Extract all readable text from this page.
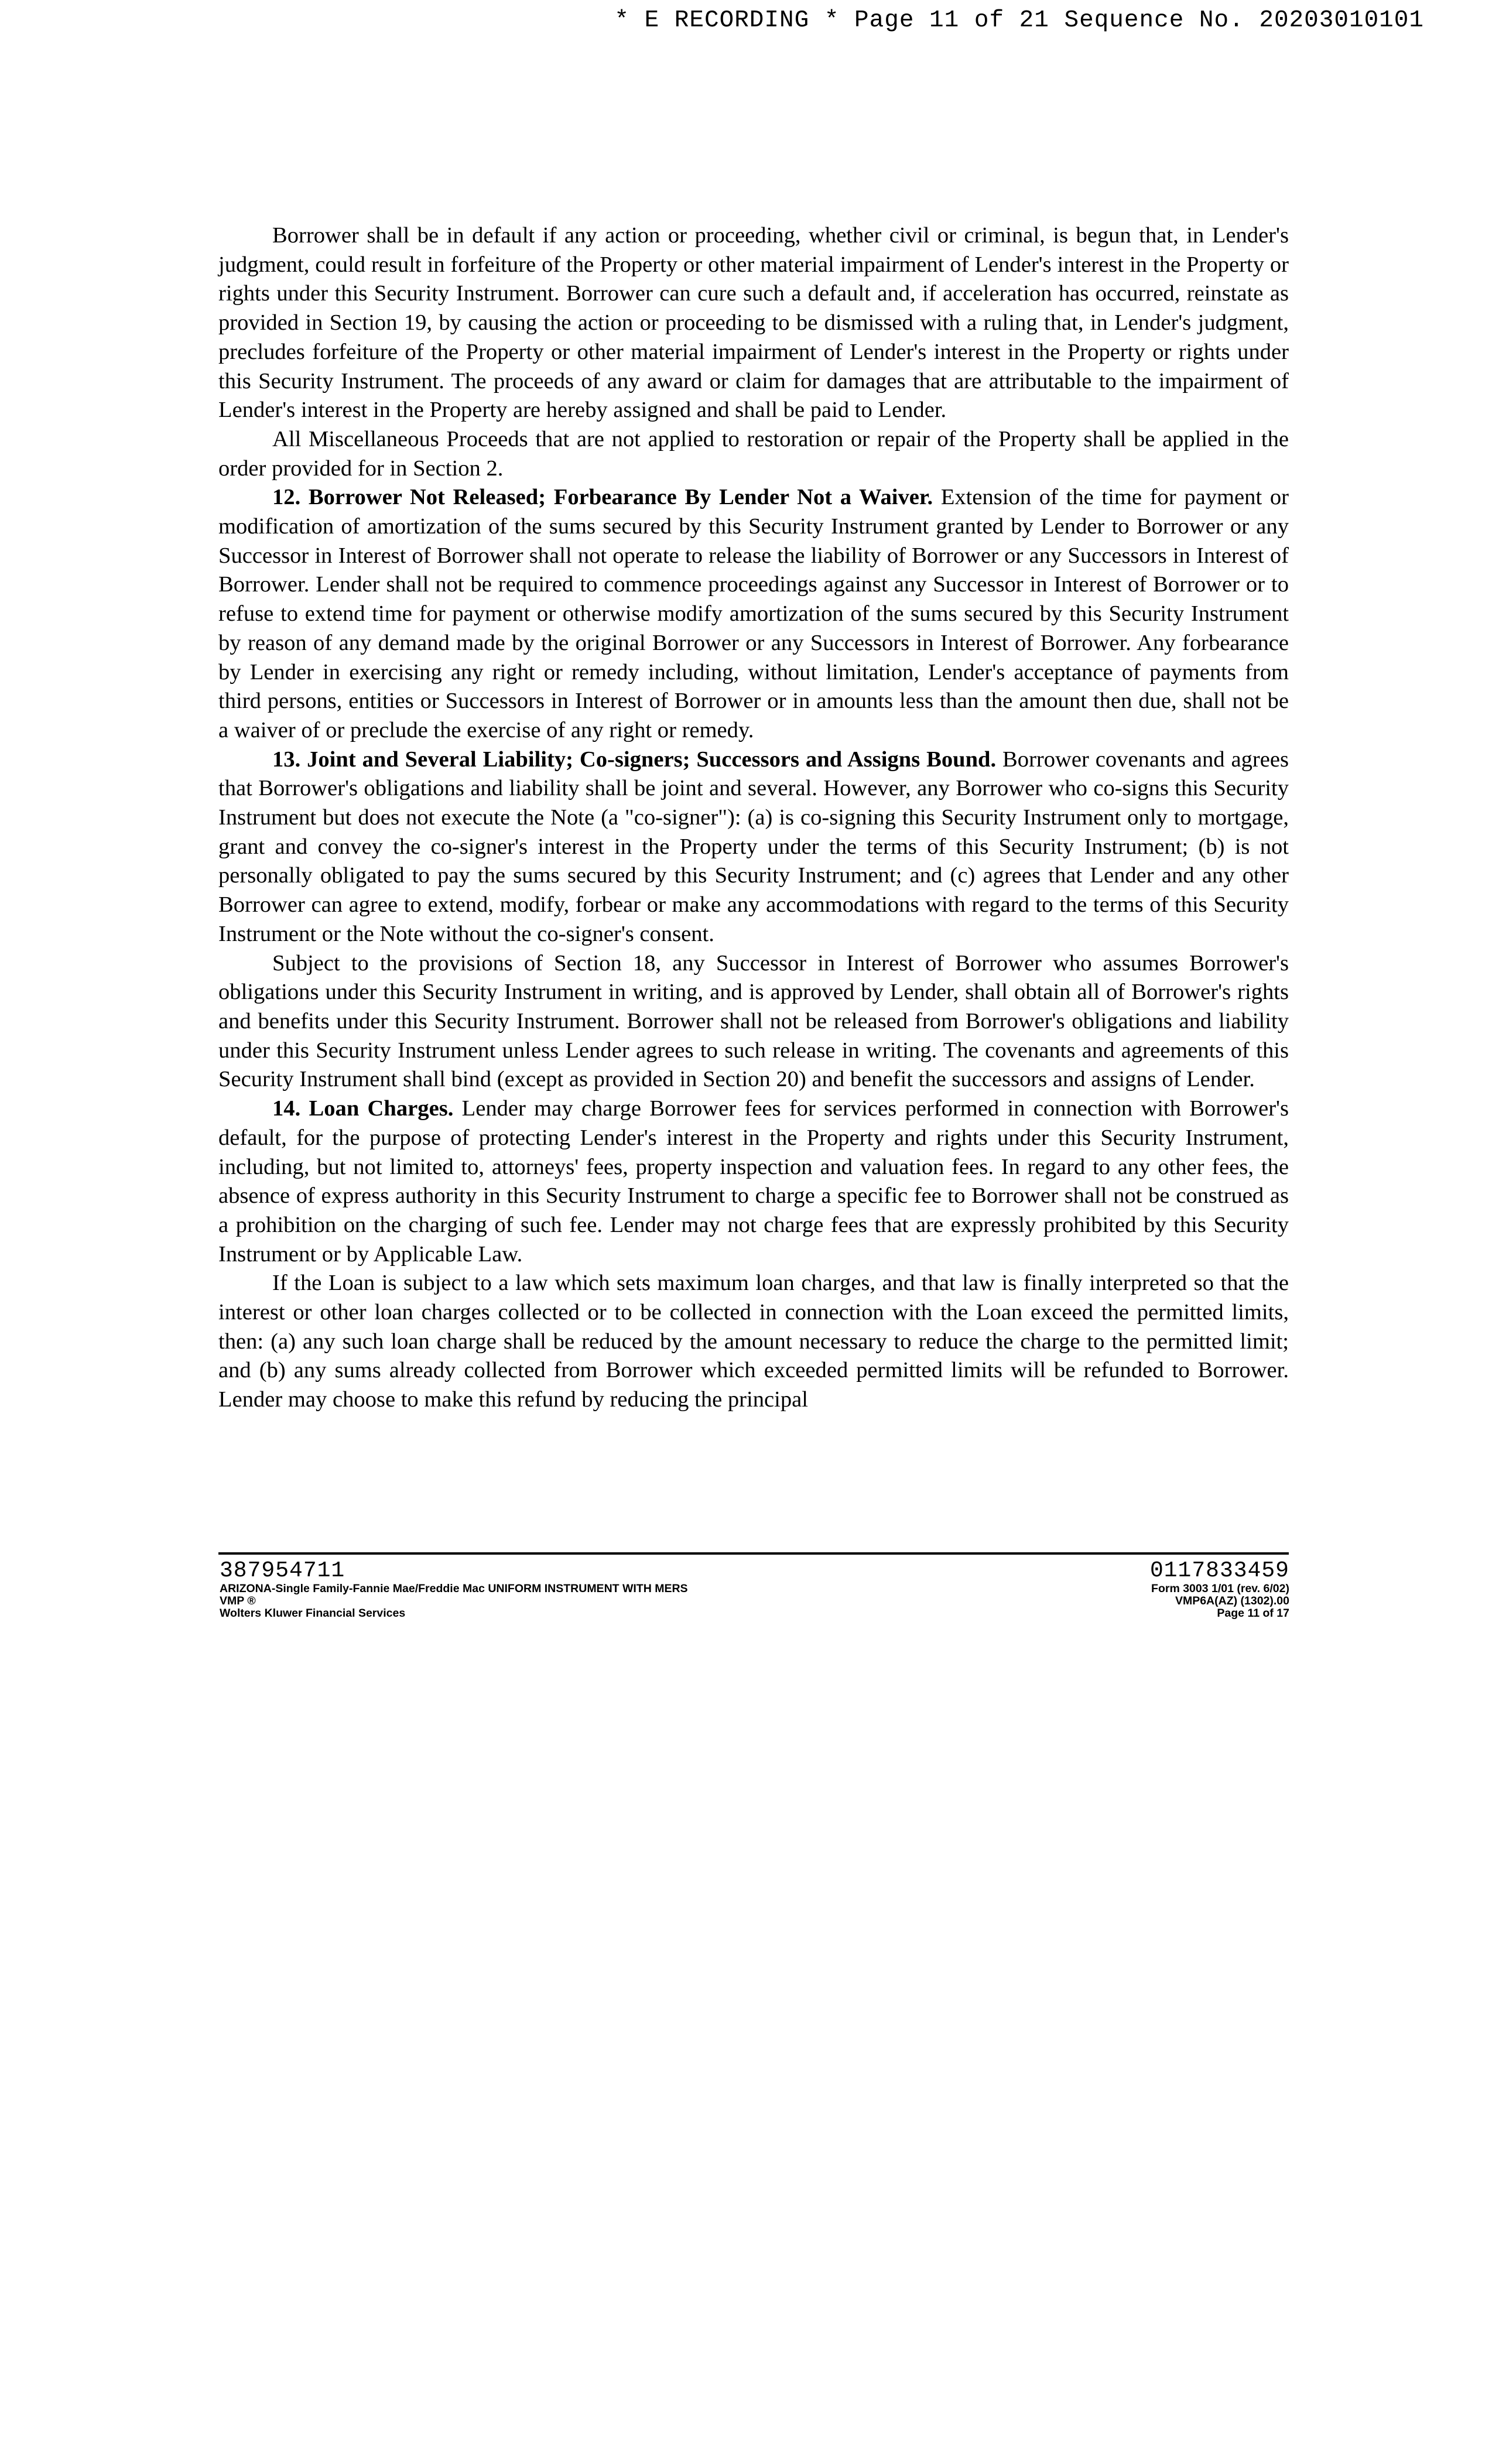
* E RECORDING * Page 11 of 21 Sequence No. 20203010101

Borrower shall be in default if any action or proceeding, whether civil or criminal, is begun that, in Lender's judgment, could result in forfeiture of the Property or other material impairment of Lender's interest in the Property or rights under this Security Instrument. Borrower can cure such a default and, if acceleration has occurred, reinstate as provided in Section 19, by causing the action or proceeding to be dismissed with a ruling that, in Lender's judgment, precludes forfeiture of the Property or other material impairment of Lender's interest in the Property or rights under this Security Instrument. The proceeds of any award or claim for damages that are attributable to the impairment of Lender's interest in the Property are hereby assigned and shall be paid to Lender.

All Miscellaneous Proceeds that are not applied to restoration or repair of the Property shall be applied in the order provided for in Section 2.

12. Borrower Not Released; Forbearance By Lender Not a Waiver. Extension of the time for payment or modification of amortization of the sums secured by this Security Instrument granted by Lender to Borrower or any Successor in Interest of Borrower shall not operate to release the liability of Borrower or any Successors in Interest of Borrower. Lender shall not be required to commence proceedings against any Successor in Interest of Borrower or to refuse to extend time for payment or otherwise modify amortization of the sums secured by this Security Instrument by reason of any demand made by the original Borrower or any Successors in Interest of Borrower. Any forbearance by Lender in exercising any right or remedy including, without limitation, Lender's acceptance of payments from third persons, entities or Successors in Interest of Borrower or in amounts less than the amount then due, shall not be a waiver of or preclude the exercise of any right or remedy.

13. Joint and Several Liability; Co-signers; Successors and Assigns Bound. Borrower covenants and agrees that Borrower's obligations and liability shall be joint and several. However, any Borrower who co-signs this Security Instrument but does not execute the Note (a "co-signer"): (a) is co-signing this Security Instrument only to mortgage, grant and convey the co-signer's interest in the Property under the terms of this Security Instrument; (b) is not personally obligated to pay the sums secured by this Security Instrument; and (c) agrees that Lender and any other Borrower can agree to extend, modify, forbear or make any accommodations with regard to the terms of this Security Instrument or the Note without the co-signer's consent.

Subject to the provisions of Section 18, any Successor in Interest of Borrower who assumes Borrower's obligations under this Security Instrument in writing, and is approved by Lender, shall obtain all of Borrower's rights and benefits under this Security Instrument. Borrower shall not be released from Borrower's obligations and liability under this Security Instrument unless Lender agrees to such release in writing. The covenants and agreements of this Security Instrument shall bind (except as provided in Section 20) and benefit the successors and assigns of Lender.

14. Loan Charges. Lender may charge Borrower fees for services performed in connection with Borrower's default, for the purpose of protecting Lender's interest in the Property and rights under this Security Instrument, including, but not limited to, attorneys' fees, property inspection and valuation fees. In regard to any other fees, the absence of express authority in this Security Instrument to charge a specific fee to Borrower shall not be construed as a prohibition on the charging of such fee. Lender may not charge fees that are expressly prohibited by this Security Instrument or by Applicable Law.

If the Loan is subject to a law which sets maximum loan charges, and that law is finally interpreted so that the interest or other loan charges collected or to be collected in connection with the Loan exceed the permitted limits, then: (a) any such loan charge shall be reduced by the amount necessary to reduce the charge to the permitted limit; and (b) any sums already collected from Borrower which exceeded permitted limits will be refunded to Borrower. Lender may choose to make this refund by reducing the principal

387954711
ARIZONA-Single Family-Fannie Mae/Freddie Mac UNIFORM INSTRUMENT WITH MERS
VMP ®
Wolters Kluwer Financial Services
0117833459
Form 3003 1/01 (rev. 6/02)
VMP6A(AZ) (1302).00
Page 11 of 17
